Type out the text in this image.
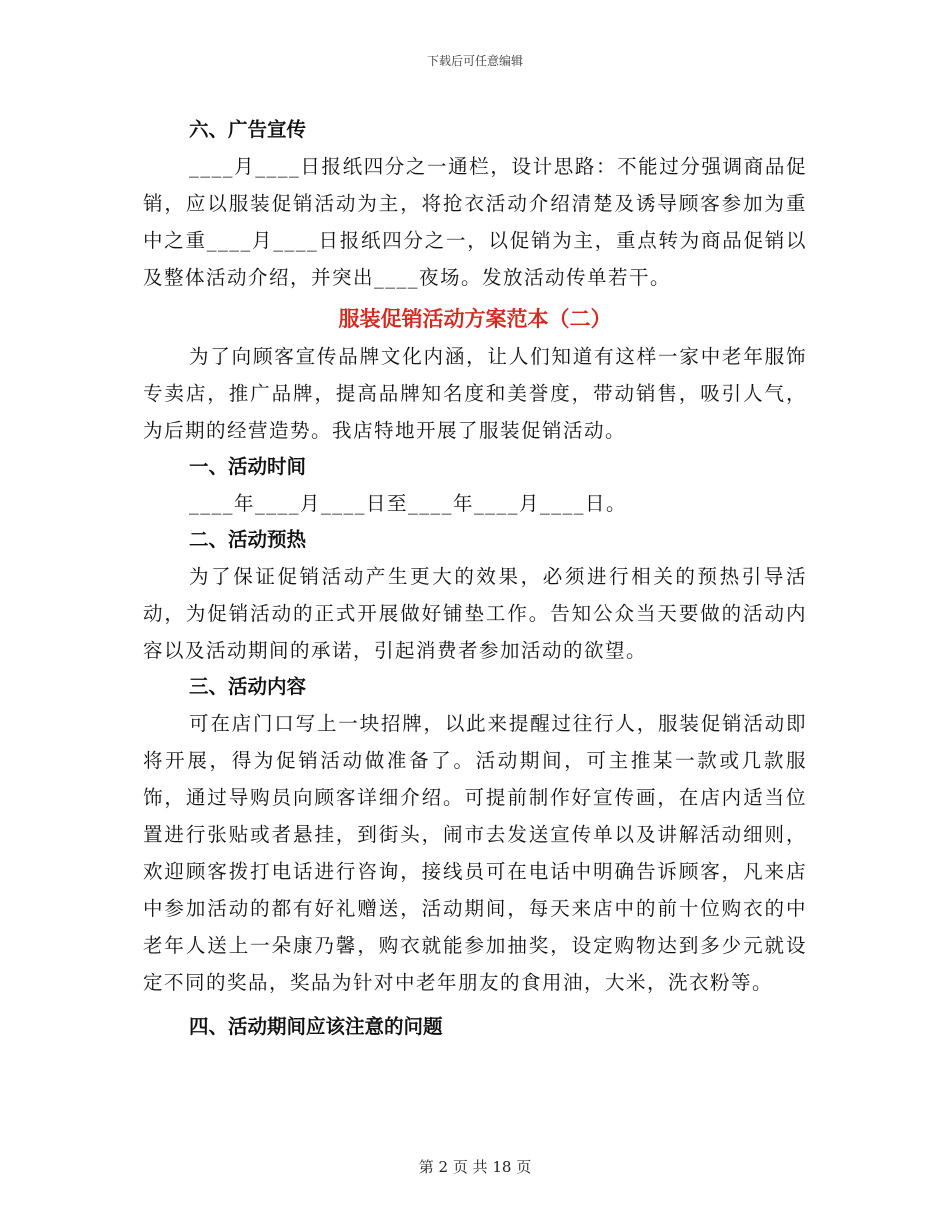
下载后可任意编辑
六、广告宣传

____月____日报纸四分之一通栏，设计思路：不能过分强调商品促销，应以服装促销活动为主，将抢衣活动介绍清楚及诱导顾客参加为重中之重____月____日报纸四分之一，以促销为主，重点转为商品促销以及整体活动介绍，并突出____夜场。发放活动传单若干。

服装促销活动方案范本（二）

为了向顾客宣传品牌文化内涵，让人们知道有这样一家中老年服饰专卖店，推广品牌，提高品牌知名度和美誉度，带动销售，吸引人气，为后期的经营造势。我店特地开展了服装促销活动。

一、活动时间

____年____月____日至____年____月____日。

二、活动预热

为了保证促销活动产生更大的效果，必须进行相关的预热引导活动，为促销活动的正式开展做好铺垫工作。告知公众当天要做的活动内容以及活动期间的承诺，引起消费者参加活动的欲望。

三、活动内容

可在店门口写上一块招牌，以此来提醒过往行人，服装促销活动即将开展，得为促销活动做准备了。活动期间，可主推某一款或几款服饰，通过导购员向顾客详细介绍。可提前制作好宣传画，在店内适当位置进行张贴或者悬挂，到街头，闹市去发送宣传单以及讲解活动细则，欢迎顾客拨打电话进行咨询，接线员可在电话中明确告诉顾客，凡来店中参加活动的都有好礼赠送，活动期间，每天来店中的前十位购衣的中老年人送上一朵康乃馨，购衣就能参加抽奖，设定购物达到多少元就设定不同的奖品，奖品为针对中老年朋友的食用油，大米，洗衣粉等。

四、活动期间应该注意的问题
第 2 页 共 18 页
